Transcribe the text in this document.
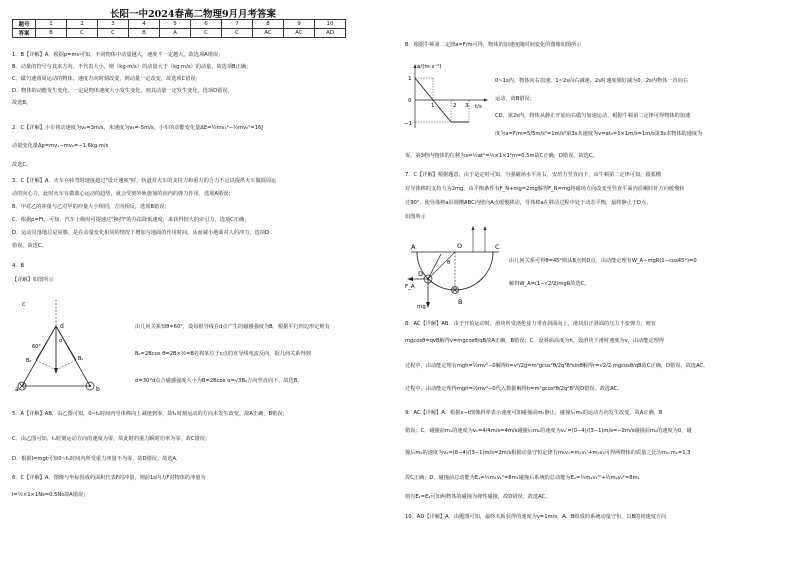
长阳一中2024春高二物理9月月考答案
题号	1	2	3	4	5	6	7	8	9	10
答案	B	C	C	B	A	C	C	AC	AC	AD
1．B【详解】A．根据p=mv可知，不同物体中动量越大，速度不一定越大，故选项A错误；
B．动量的符号与其求方向，不代表大小，则（kg·m/s）的动量大于（kg·m/s）的动量，故选项B正确；
C．做匀速圆周运动的物体，速度方向时刻改变，则动量一定改变，故选项C错误；
D．物体的动能发生变化，一定是物体速度大小发生变化，则其动量一定发生变化，选项D错误。
故选B。
2．C【详解】小车初动速度为v₀=3m/s，末速度为v₁=-5m/s，小车的动能变化量ΔE=½mv₁²−½mv₀²=16J
动量变化量Δp=mv₁−mv₀=−1.6kg·m/s
故选C。
3．C【详解】A．火车在转弯时速度超过"设计速度"时，轨道对火车的支持力和重力的合力不足以提供火车做圆周运
动的向心力，此时火车有做离心运动的趋势，就会受到外轨施加的向内的弹力作用，选项A错误；
B．甲对乙的冲量与乙对甲的冲量大小相同，方向相反，选项B错误；
C．根据p=Ft，可知，汽车上级时可提速过"换挡"的办法降低速度，来获得较大的牵引力，选项C正确；
D．运动员落地总是屈膝，是在动量变化相同的情况下增加与地面的作用时间，从而减小地面对人的冲力，选项D
错误。故选C。
4．B
【详解】如图所示
a	b
c
d
60°
B₁
B₂
α
由几何关系知θ=60°，设每根导线在d点产生的磁感强度为B，根据平行四边形定则有
B₀=2Bcos θ=2B×½=B若将某位于c点的直导线电流反向，据几何关系得到
α=30°d点合磁感强度大小为B=2Bcos α=√3B₀方向竖直向下，故选B。
5．A【详解】AB．由乙图可知，0~t₁时间内导体棒向上减速到零，故t₁时刻运动的方向未发生改变，故A正确，B错误；
C．由乙图可知，t₁时刻运动方向的速度为零，故此时的重力瞬时功率为零，故C错误；
D．根据I=mgt可知0~t₁时间内所受重力冲量不为零，故D错误。故选A。
6．C【详解】A．图像与坐标围成的面积代表F的冲量，则前1s内力F对物体的冲量为
I=½×1×1Ns=0.5Ns故A错误；
B．根据牛顿第二定律a=F/m可得，物体的加速度随时间变化的图像如图所示
a/(m·s⁻²)
t/s
1
0
−1
1	2 3
0~1s内，物体向右加速，1~2s向右减速，2s时速度刚好减为0，2s内物体一直向右
运动，故B错误；
CD．第2s内，物体从静止开始向右做匀加速运动，根据牛顿第二定律可得物体的加速
度为a=F/m=5/5m/s²=1m/s²第3s末速度为v=at₃=1×1m/s=1m/s第3s末物体的速度为
零，第3秒内物体的位移为x=½at²=½×1×1²m=0.5m故C正确，D错误。故选C。
7．C【详解】根据题意，由于是定时可知，匀强磁场水平向右，安培力竖直向下，由牛顿第二定律可知，圆弧槽
对导体棒的支持力为2mg，由平衡条件有F_N+mg=2mg解得F_N=mg将磁场方向改变至竖直平面内沿顺时针方向缓慢转
过90°，使导体棒a沿圆槽ABC内壁向A点缓慢移动，导体棒a在移动过程中处于动态平衡，最终静止于D点，
如图所示
A
B
C
D
O
θ
F_A
mg
由几何关系可得θ=45°则从B点到D点，由动能定理有W_A−mgR(1−cos45°)=0
解得W_A=(1−√2/2)mgR故选C。
8．AC【详解】AB．由于开始运动时，滑块所受洛伦兹力垂直斜面向上，滑块沿正斜面的压力不变弹力，则有
mgcosθ=qvB解得v=mgcosθ/qB故A正确，B错误；C．设斜面高度为h，设滑块下滑时速度为v，由动能定理得
过程中，由动能定理有mgh=½mv²−0解得h=v²/2g=m²gcos²θ/2q²B²sinθ解得r=√2/2·mgcosθ/qB故C正确，D错误，故选AC。
过程中，由动能定理得mgh=½mv²−0代入数据解得h=m²gcos²θ/2q²B²故D错误。故选AC。
9．AC【详解】A．根据x−t图像斜率表示速度可知碰撞前m₁静止，碰撞后m₂的运动方向发生改变，故A正确，B
错误；C．碰撞前m₁的速度为v₁=4/4m/s=4m/s碰撞后m₁的速度为v₂'=(0−4)/(3−1)m/s=−2m/s碰撞前m₂的速度为0，碰
撞后m₂的速度为v₂=(8−4)/(3−1)m/s=2m/s根据动量守恒定律有m₁v₁=m₁v₁'+m₂v₂可得两物体的质量之比为m₁:m₂=1:3
故C正确；D．碰撞前总动能为E₁=½m₁v₁²=8m₁碰撞后系统的总动能为E₂=½m₁v₁'²+½m₂v₂²=8m₁
则有E₁=E₂可知两物体的碰撞为弹性碰撞，故D错误。故选AC。
10．AD【详解】A．由题图可知，最终木板获得的速度为v=1m/s，A、B组成的系统动量守恒，以B的初速度方向
